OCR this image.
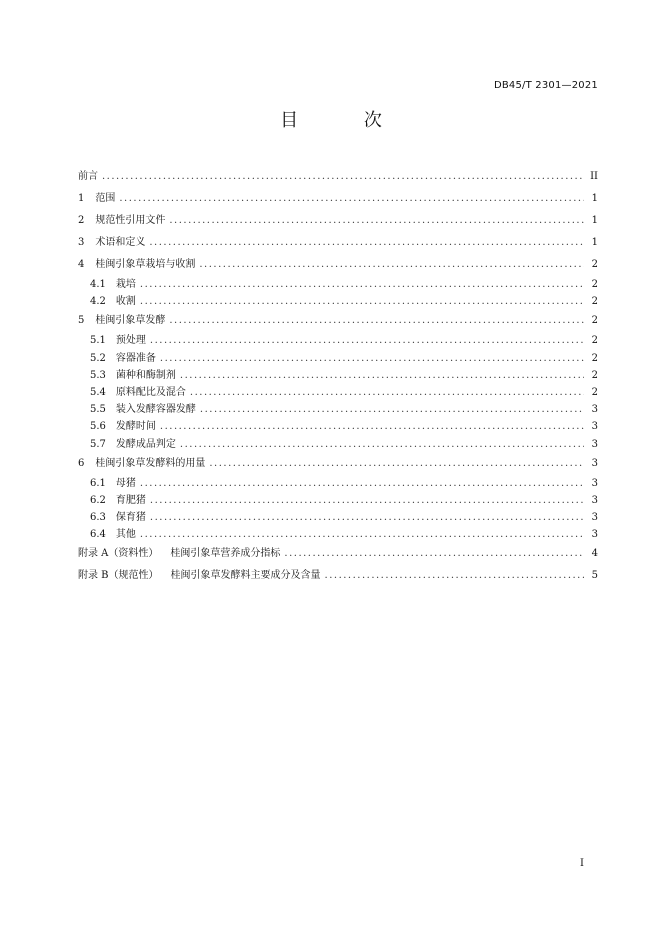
DB45/T 2301—2021
目 次
前言 .....	II
1 范围 .....	1
2 规范性引用文件 .....	1
3 术语和定义 .....	1
4 桂闽引象草栽培与收割 .....	2
4.1 栽培 .....	2
4.2 收割 .....	2
5 桂闽引象草发酵 .....	2
5.1 预处理 .....	2
5.2 容器准备 .....	2
5.3 菌种和酶制剂 .....	2
5.4 原料配比及混合 .....	2
5.5 装入发酵容器发酵 .....	3
5.6 发酵时间 .....	3
5.7 发酵成品判定 .....	3
6 桂闽引象草发酵料的用量 .....	3
6.1 母猪 .....	3
6.2 育肥猪 .....	3
6.3 保育猪 .....	3
6.4 其他 .....	3
附录 A（资料性） 桂闽引象草营养成分指标 .....	4
附录 B（规范性） 桂闽引象草发酵料主要成分及含量 .....	5
I
